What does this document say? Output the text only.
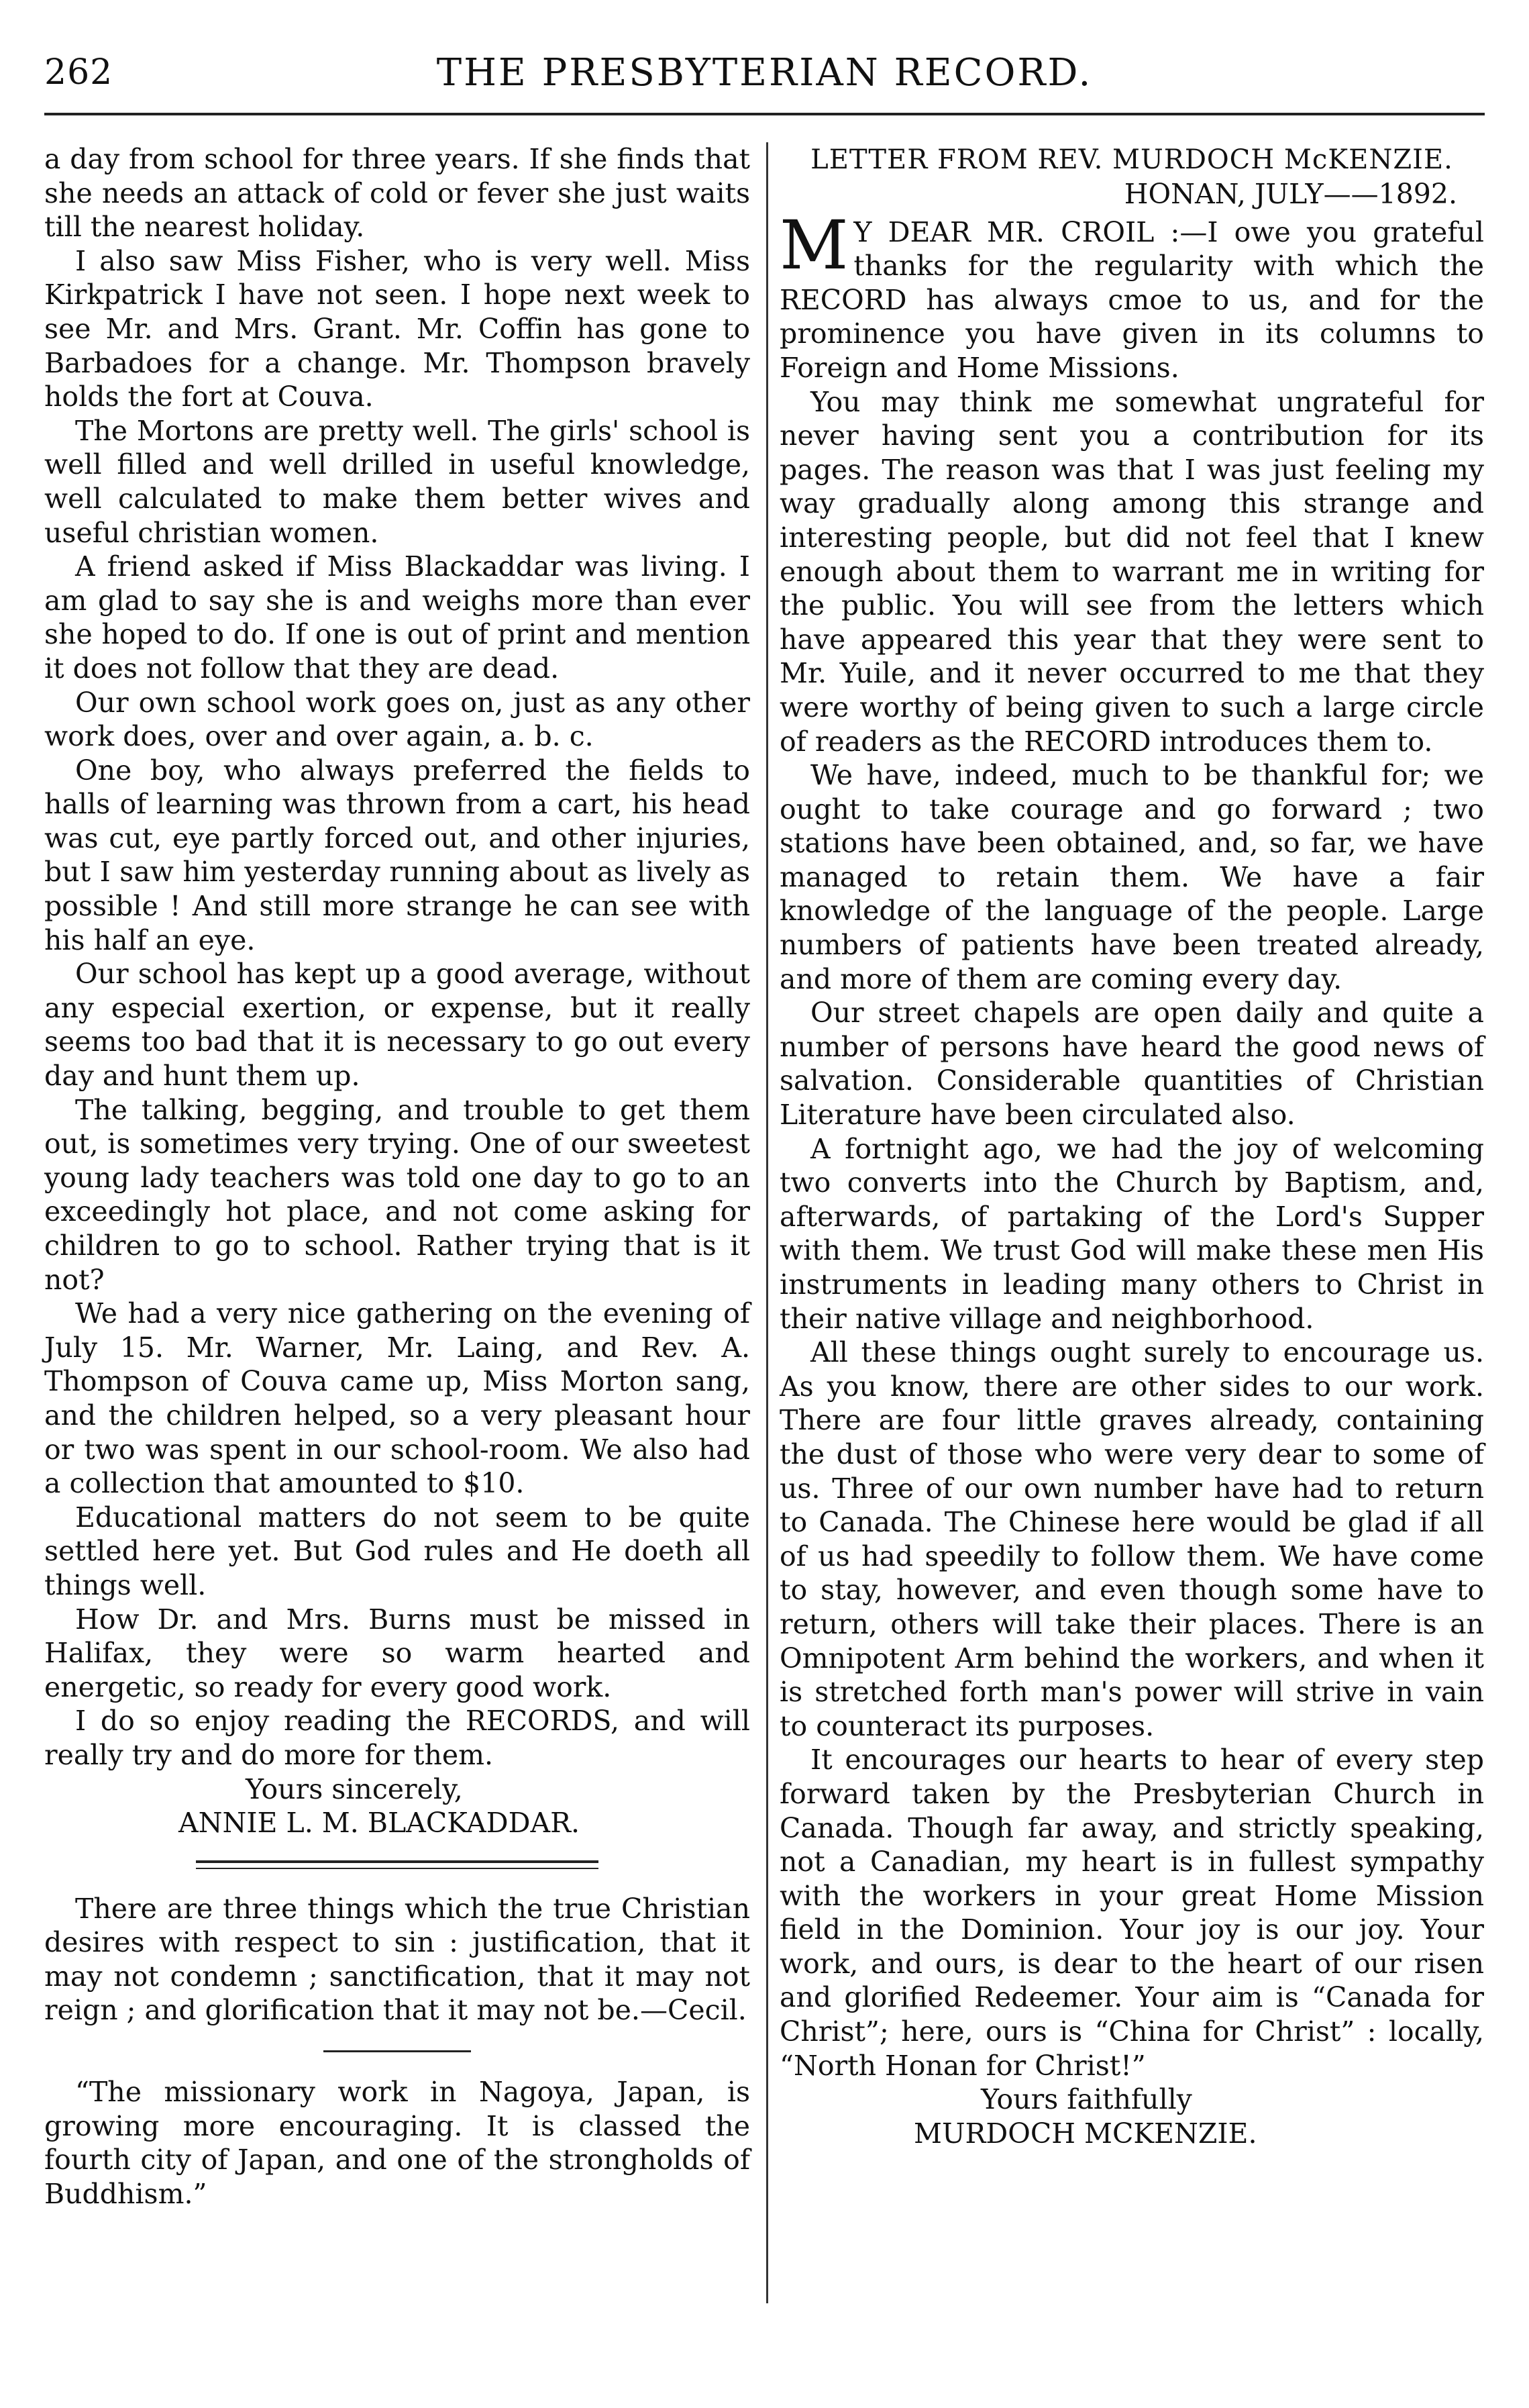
262	THE PRESBYTERIAN RECORD.

a day from school for three years. If she finds that she needs an attack of cold or fever she just waits till the nearest holiday.

I also saw Miss Fisher, who is very well. Miss Kirkpatrick I have not seen. I hope next week to see Mr. and Mrs. Grant. Mr. Coffin has gone to Barbadoes for a change. Mr. Thompson bravely holds the fort at Couva.

The Mortons are pretty well. The girls' school is well filled and well drilled in useful knowledge, well calculated to make them better wives and useful christian women.

A friend asked if Miss Blackaddar was living. I am glad to say she is and weighs more than ever she hoped to do. If one is out of print and mention it does not follow that they are dead.

Our own school work goes on, just as any other work does, over and over again, a. b. c.

One boy, who always preferred the fields to halls of learning was thrown from a cart, his head was cut, eye partly forced out, and other injuries, but I saw him yesterday running about as lively as possible ! And still more strange he can see with his half an eye.

Our school has kept up a good average, without any especial exertion, or expense, but it really seems too bad that it is necessary to go out every day and hunt them up.

The talking, begging, and trouble to get them out, is sometimes very trying. One of our sweetest young lady teachers was told one day to go to an exceedingly hot place, and not come asking for children to go to school. Rather trying that is it not?

We had a very nice gathering on the evening of July 15. Mr. Warner, Mr. Laing, and Rev. A. Thompson of Couva came up, Miss Morton sang, and the children helped, so a very pleasant hour or two was spent in our school-room. We also had a collection that amounted to $10.

Educational matters do not seem to be quite settled here yet. But God rules and He doeth all things well.

How Dr. and Mrs. Burns must be missed in Halifax, they were so warm hearted and energetic, so ready for every good work.

I do so enjoy reading the RECORDS, and will really try and do more for them.

Yours sincerely,

ANNIE L. M. BLACKADDAR.

There are three things which the true Christian desires with respect to sin : justification, that it may not condemn ; sanctification, that it may not reign ; and glorification that it may not be.—Cecil.

“The missionary work in Nagoya, Japan, is growing more encouraging. It is classed the fourth city of Japan, and one of the strongholds of Buddhism.”

LETTER FROM REV. MURDOCH McKENZIE.

HONAN, JULY——1892.

M Y DEAR MR. CROIL :—I owe you grateful thanks for the regularity with which the RECORD has always cmoe to us, and for the prominence you have given in its columns to Foreign and Home Missions.

You may think me somewhat ungrateful for never having sent you a contribution for its pages. The reason was that I was just feeling my way gradually along among this strange and interesting people, but did not feel that I knew enough about them to warrant me in writing for the public. You will see from the letters which have appeared this year that they were sent to Mr. Yuile, and it never occurred to me that they were worthy of being given to such a large circle of readers as the RECORD introduces them to.

We have, indeed, much to be thankful for; we ought to take courage and go forward ; two stations have been obtained, and, so far, we have managed to retain them. We have a fair knowledge of the language of the people. Large numbers of patients have been treated already, and more of them are coming every day.

Our street chapels are open daily and quite a number of persons have heard the good news of salvation. Considerable quantities of Christian Literature have been circulated also.

A fortnight ago, we had the joy of welcoming two converts into the Church by Baptism, and, afterwards, of partaking of the Lord's Supper with them. We trust God will make these men His instruments in leading many others to Christ in their native village and neighborhood.

All these things ought surely to encourage us. As you know, there are other sides to our work. There are four little graves already, containing the dust of those who were very dear to some of us. Three of our own number have had to return to Canada. The Chinese here would be glad if all of us had speedily to follow them. We have come to stay, however, and even though some have to return, others will take their places. There is an Omnipotent Arm behind the workers, and when it is stretched forth man's power will strive in vain to counteract its purposes.

It encourages our hearts to hear of every step forward taken by the Presbyterian Church in Canada. Though far away, and strictly speaking, not a Canadian, my heart is in fullest sympathy with the workers in your great Home Mission field in the Dominion. Your joy is our joy. Your work, and ours, is dear to the heart of our risen and glorified Redeemer. Your aim is “Canada for Christ”; here, ours is “China for Christ” : locally, “North Honan for Christ!”

Yours faithfully

MURDOCH MCKENZIE.
